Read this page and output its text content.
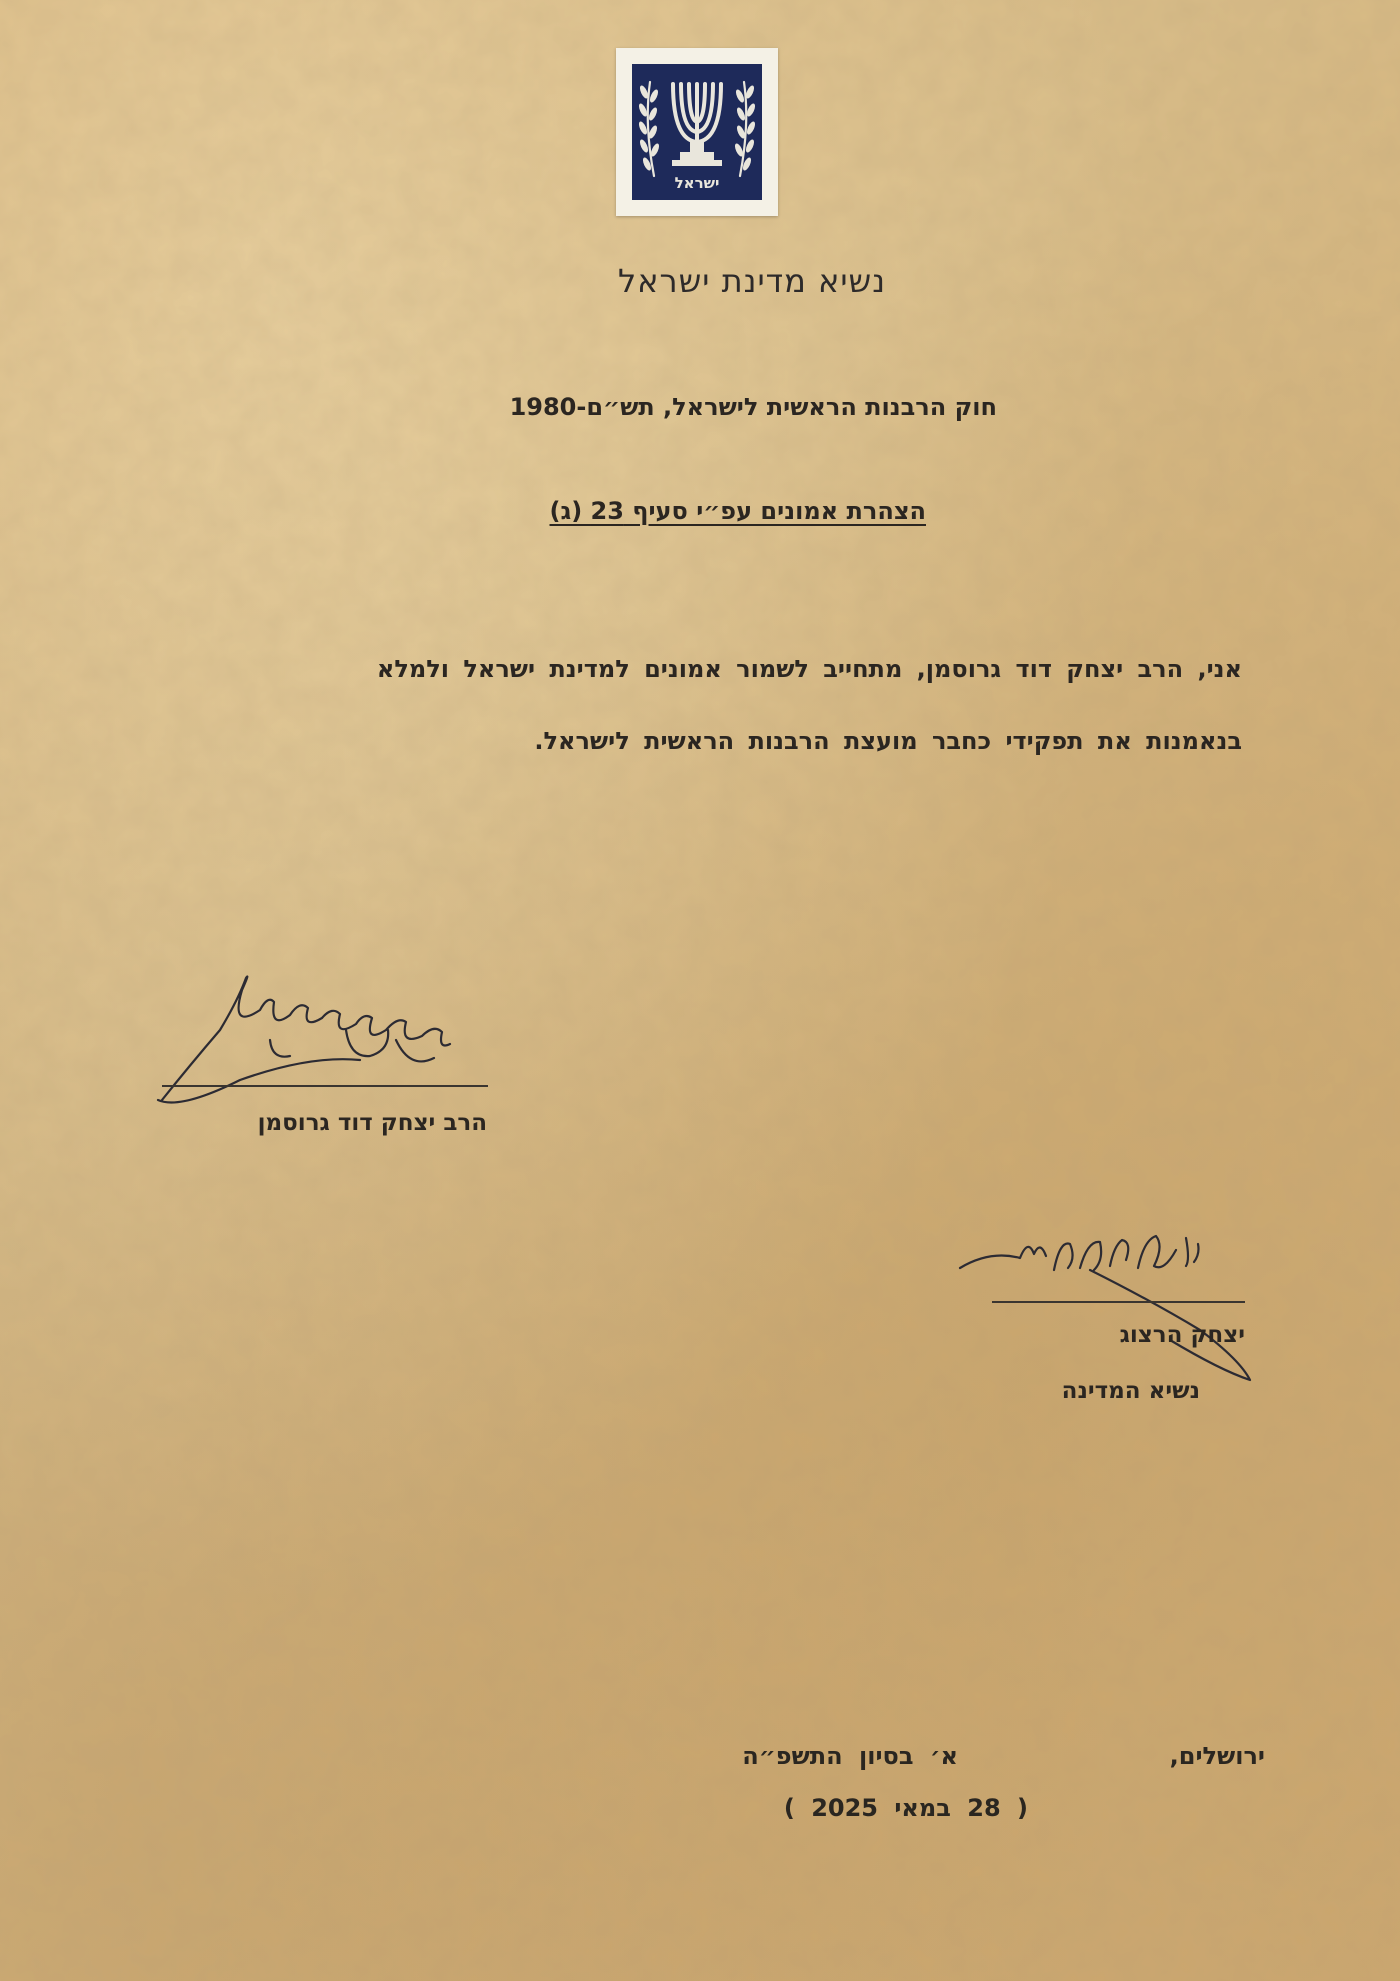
ישראל
נשיא מדינת ישראל
חוק הרבנות הראשית לישראל, תש״ם-1980
הצהרת אמונים עפ״י סעיף 23 (ג)
אני, הרב יצחק דוד גרוסמן, מתחייב לשמור אמונים למדינת ישראל ולמלא
בנאמנות את תפקידי כחבר מועצת הרבנות הראשית לישראל.
הרב יצחק דוד גרוסמן
יצחק הרצוג
נשיא המדינה
ירושלים,
א׳ בסיון התשפ״ה
( 28 במאי 2025 )
